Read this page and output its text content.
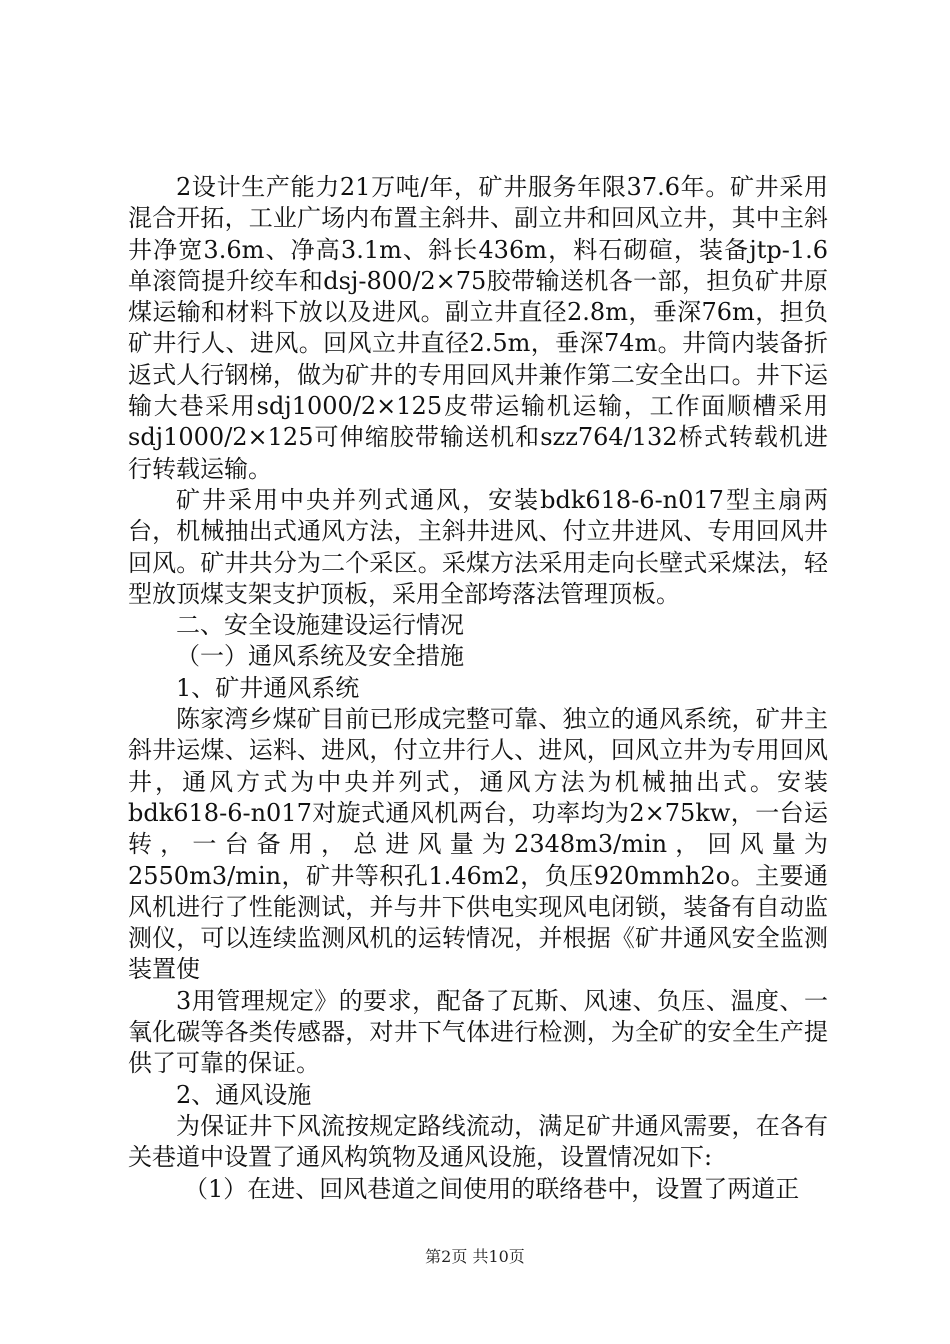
2设计生产能力21万吨/年，矿井服务年限37.6年。矿井采用混合开拓，工业广场内布置主斜井、副立井和回风立井，其中主斜井净宽3.6m、净高3.1m、斜长436m，料石砌碹，装备jtp-1.6单滚筒提升绞车和dsj-800/2×75胶带输送机各一部，担负矿井原煤运输和材料下放以及进风。副立井直径2.8m，垂深76m，担负矿井行人、进风。回风立井直径2.5m，垂深74m。井筒内装备折返式人行钢梯，做为矿井的专用回风井兼作第二安全出口。井下运输大巷采用sdj1000/2×125皮带运输机运输，工作面顺槽采用sdj1000/2×125可伸缩胶带输送机和szz764/132桥式转载机进行转载运输。

矿井采用中央并列式通风，安装bdk618-6-n017型主扇两台，机械抽出式通风方法，主斜井进风、付立井进风、专用回风井回风。矿井共分为二个采区。采煤方法采用走向长壁式采煤法，轻型放顶煤支架支护顶板，采用全部垮落法管理顶板。

二、安全设施建设运行情况

（一）通风系统及安全措施

1、矿井通风系统

陈家湾乡煤矿目前已形成完整可靠、独立的通风系统，矿井主斜井运煤、运料、进风，付立井行人、进风，回风立井为专用回风井，通风方式为中央并列式，通风方法为机械抽出式。安装bdk618-6-n017对旋式通风机两台，功率均为2×75kw，一台运转，一台备用，总进风量为2348m3/min，回风量为2550m3/min，矿井等积孔1.46m2，负压920mmh2o。主要通风机进行了性能测试，并与井下供电实现风电闭锁，装备有自动监测仪，可以连续监测风机的运转情况，并根据《矿井通风安全监测装置使

3用管理规定》的要求，配备了瓦斯、风速、负压、温度、一氧化碳等各类传感器，对井下气体进行检测，为全矿的安全生产提供了可靠的保证。

2、通风设施

为保证井下风流按规定路线流动，满足矿井通风需要，在各有关巷道中设置了通风构筑物及通风设施，设置情况如下:

（1）在进、回风巷道之间使用的联络巷中，设置了两道正

第2页 共10页
